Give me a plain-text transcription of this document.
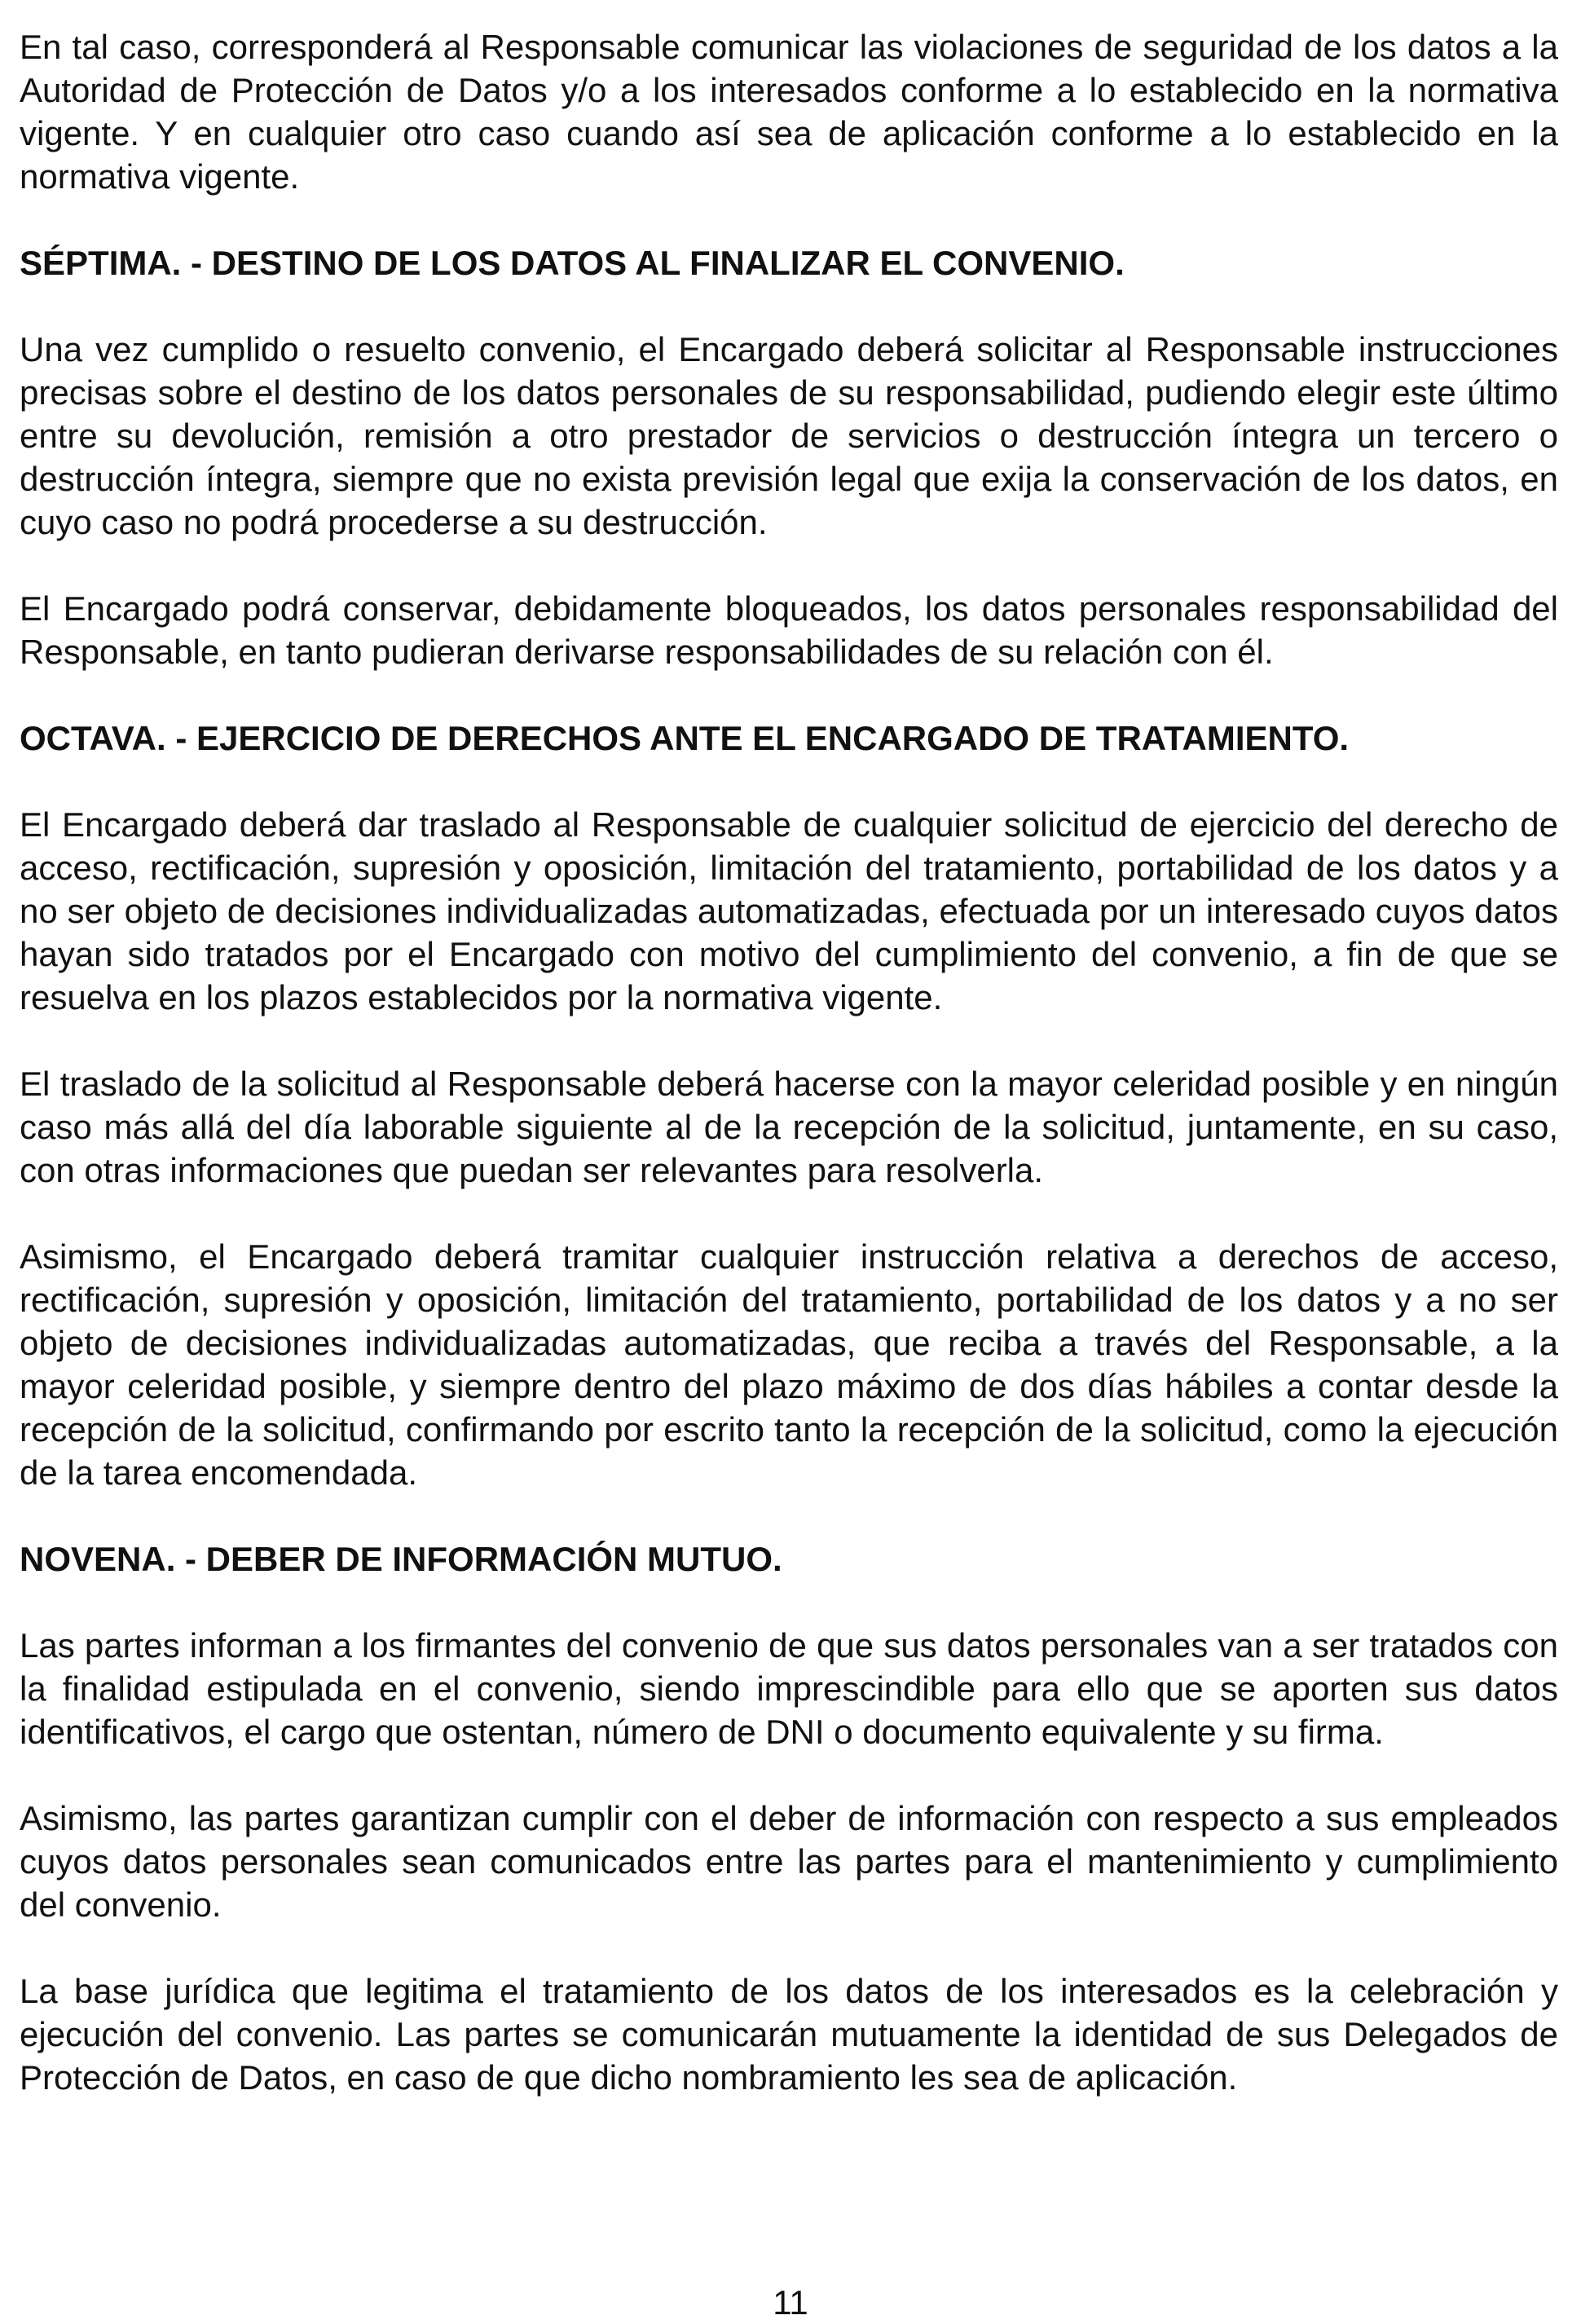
En tal caso, corresponderá al Responsable comunicar las violaciones de seguridad de los datos a la Autoridad de Protección de Datos y/o a los interesados conforme a lo establecido en la normativa vigente. Y en cualquier otro caso cuando así sea de aplicación conforme a lo establecido en la normativa vigente.

SÉPTIMA. - DESTINO DE LOS DATOS AL FINALIZAR EL CONVENIO.

Una vez cumplido o resuelto convenio, el Encargado deberá solicitar al Responsable instrucciones precisas sobre el destino de los datos personales de su responsabilidad, pudiendo elegir este último entre su devolución, remisión a otro prestador de servicios o destrucción íntegra un tercero o destrucción íntegra, siempre que no exista previsión legal que exija la conservación de los datos, en cuyo caso no podrá procederse a su destrucción.

El Encargado podrá conservar, debidamente bloqueados, los datos personales responsabilidad del Responsable, en tanto pudieran derivarse responsabilidades de su relación con él.

OCTAVA. - EJERCICIO DE DERECHOS ANTE EL ENCARGADO DE TRATAMIENTO.

El Encargado deberá dar traslado al Responsable de cualquier solicitud de ejercicio del derecho de acceso, rectificación, supresión y oposición, limitación del tratamiento, portabilidad de los datos y a no ser objeto de decisiones individualizadas automatizadas, efectuada por un interesado cuyos datos hayan sido tratados por el Encargado con motivo del cumplimiento del convenio, a fin de que se resuelva en los plazos establecidos por la normativa vigente.

El traslado de la solicitud al Responsable deberá hacerse con la mayor celeridad posible y en ningún caso más allá del día laborable siguiente al de la recepción de la solicitud, juntamente, en su caso, con otras informaciones que puedan ser relevantes para resolverla.

Asimismo, el Encargado deberá tramitar cualquier instrucción relativa a derechos de acceso, rectificación, supresión y oposición, limitación del tratamiento, portabilidad de los datos y a no ser objeto de decisiones individualizadas automatizadas, que reciba a través del Responsable, a la mayor celeridad posible, y siempre dentro del plazo máximo de dos días hábiles a contar desde la recepción de la solicitud, confirmando por escrito tanto la recepción de la solicitud, como la ejecución de la tarea encomendada.

NOVENA. - DEBER DE INFORMACIÓN MUTUO.

Las partes informan a los firmantes del convenio de que sus datos personales van a ser tratados con la finalidad estipulada en el convenio, siendo imprescindible para ello que se aporten sus datos identificativos, el cargo que ostentan, número de DNI o documento equivalente y su firma.

Asimismo, las partes garantizan cumplir con el deber de información con respecto a sus empleados cuyos datos personales sean comunicados entre las partes para el mantenimiento y cumplimiento del convenio.

La base jurídica que legitima el tratamiento de los datos de los interesados es la celebración y ejecución del convenio. Las partes se comunicarán mutuamente la identidad de sus Delegados de Protección de Datos, en caso de que dicho nombramiento les sea de aplicación.

11
